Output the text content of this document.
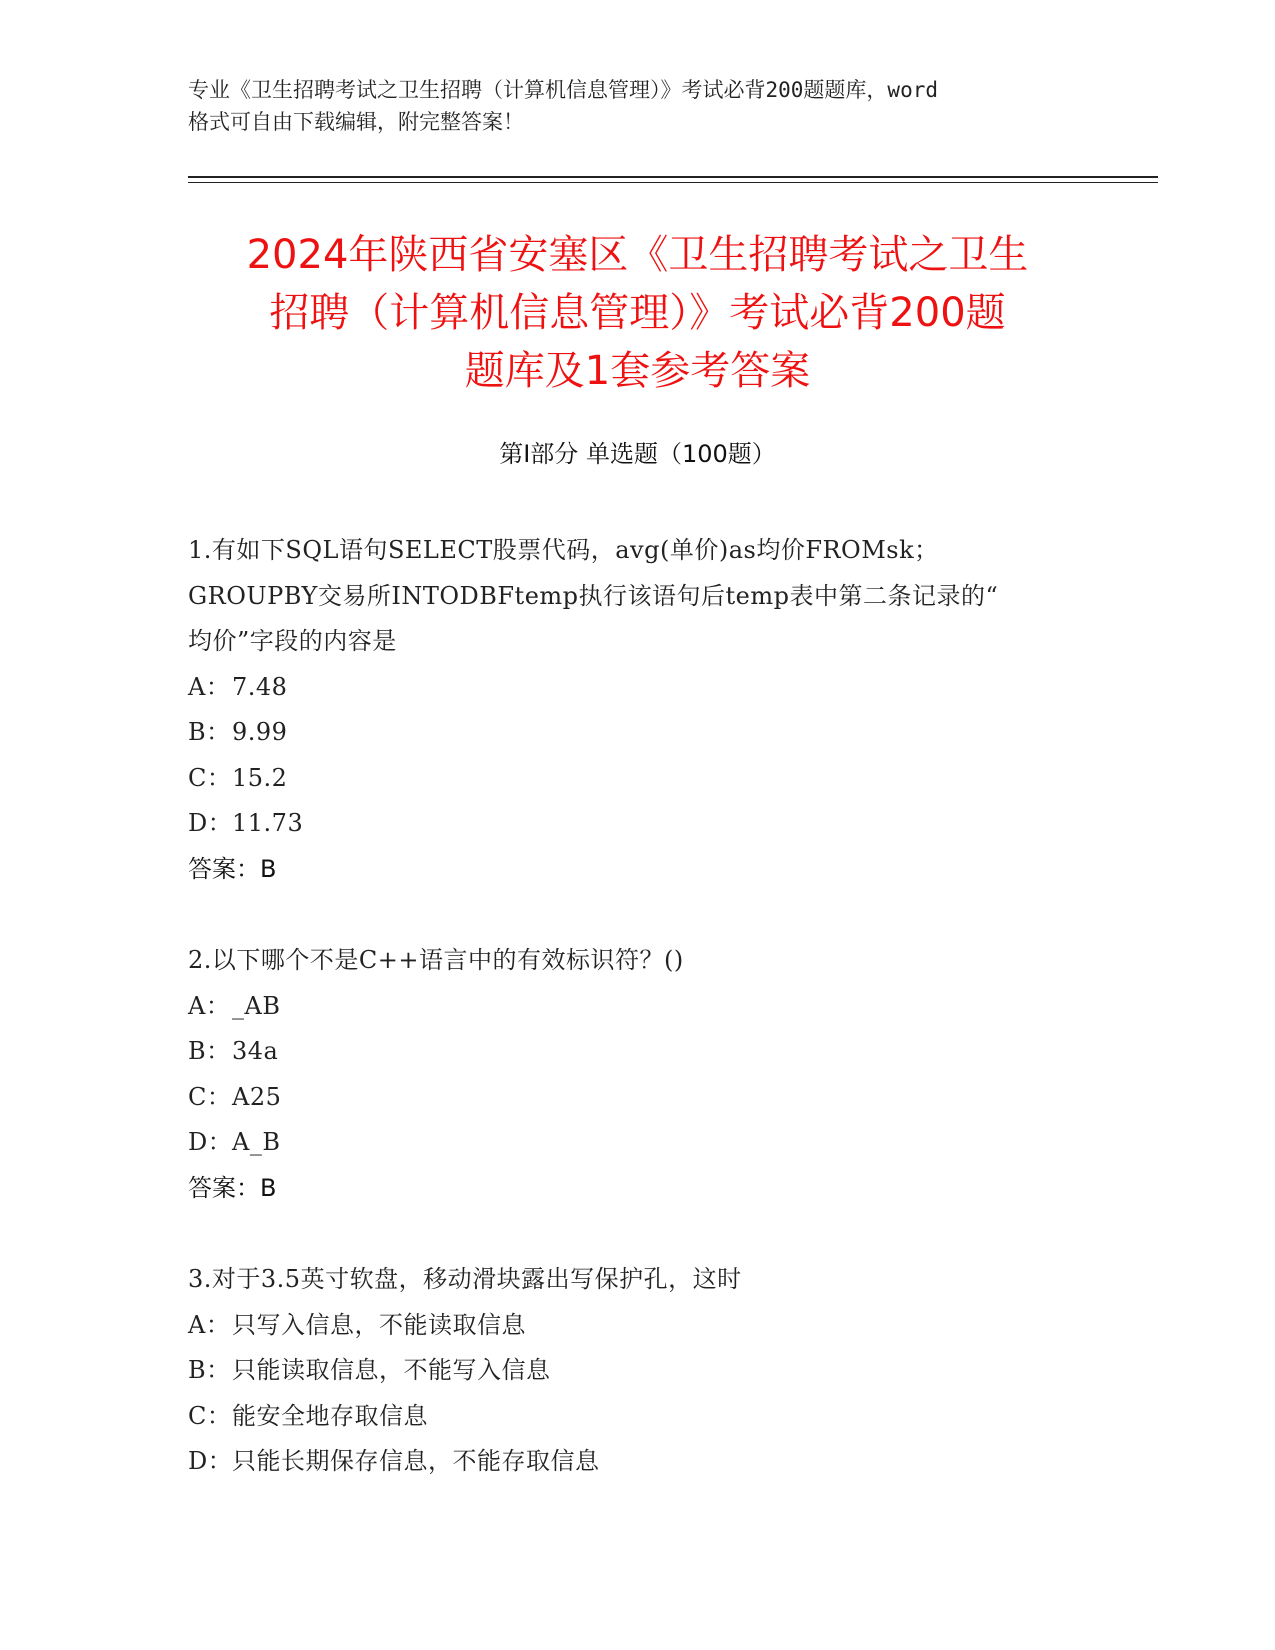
专业《卫生招聘考试之卫生招聘（计算机信息管理）》考试必背200题题库，word
格式可自由下载编辑，附完整答案！
2024年陕西省安塞区《卫生招聘考试之卫生
招聘（计算机信息管理）》考试必背200题
题库及1套参考答案
第Ⅰ部分 单选题（100题）
1.有如下SQL语句SELECT股票代码，avg(单价)as均价FROMsk；
GROUPBY交易所INTODBFtemp执行该语句后temp表中第二条记录的“
均价”字段的内容是
A：7.48
B：9.99
C：15.2
D：11.73
答案：B
2.以下哪个不是C++语言中的有效标识符？()
A：_AB
B：34a
C：A25
D：A_B
答案：B
3.对于3.5英寸软盘，移动滑块露出写保护孔，这时
A：只写入信息，不能读取信息
B：只能读取信息，不能写入信息
C：能安全地存取信息
D：只能长期保存信息，不能存取信息
